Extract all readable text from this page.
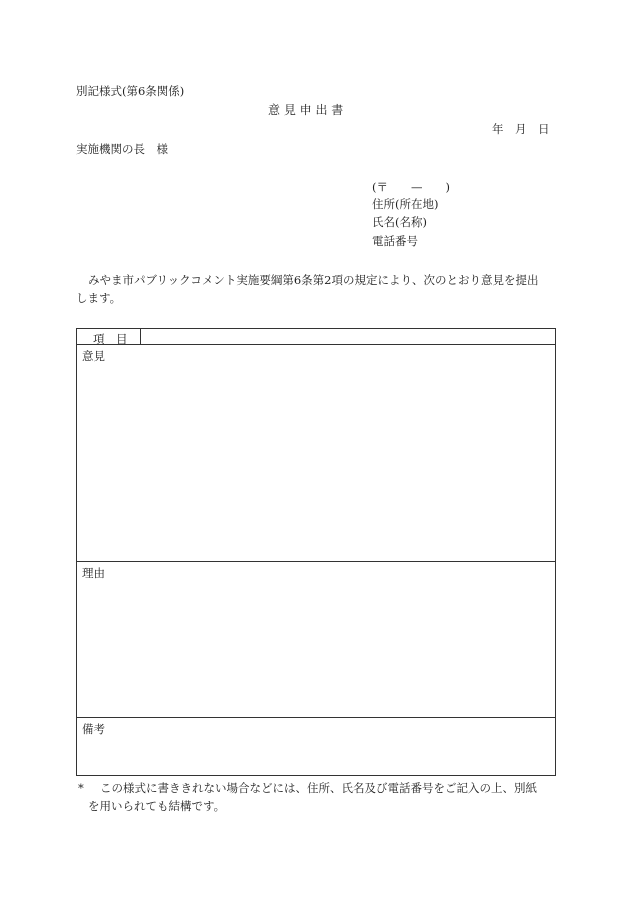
別記様式(第6条関係)
意 見 申 出 書
年　月　日
実施機関の長　様
(〒　　—　　)
住所(所在地)
氏名(名称)
電話番号
みやま市パブリックコメント実施要綱第6条第2項の規定により、次のとおり意見を提出
します。
項　目
意見
理由
備考
* この様式に書ききれない場合などには、住所、氏名及び電話番号をご記入の上、別紙
を用いられても結構です。
